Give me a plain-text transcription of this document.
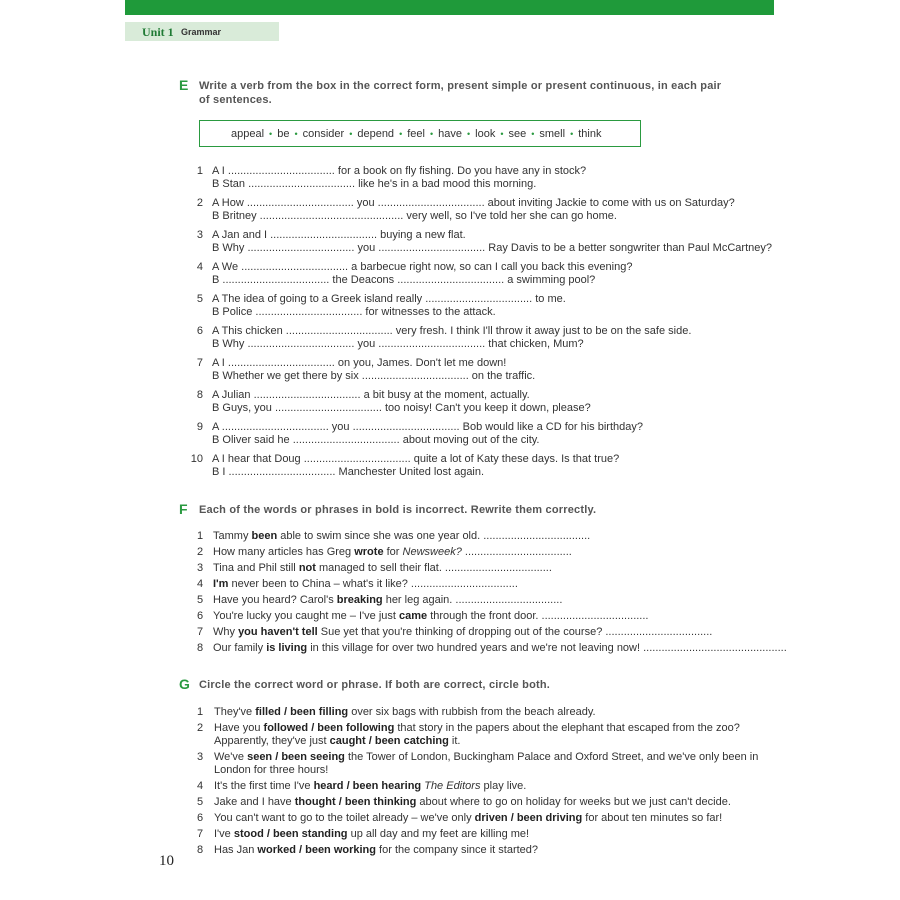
Unit 1 Grammar
E Write a verb from the box in the correct form, present simple or present continuous, in each pair
of sentences.
appeal • be • consider • depend • feel • have • look • see • smell • think
1 A I ................................... for a book on fly fishing. Do you have any in stock?
B Stan ................................... like he's in a bad mood this morning.
2 A How ................................... you ................................... about inviting Jackie to come with us on Saturday?
B Britney ............................................... very well, so I've told her she can go home.
3 A Jan and I ................................... buying a new flat.
B Why ................................... you ................................... Ray Davis to be a better songwriter than Paul McCartney?
4 A We ................................... a barbecue right now, so can I call you back this evening?
B ................................... the Deacons ................................... a swimming pool?
5 A The idea of going to a Greek island really ................................... to me.
B Police ................................... for witnesses to the attack.
6 A This chicken ................................... very fresh. I think I'll throw it away just to be on the safe side.
B Why ................................... you ................................... that chicken, Mum?
7 A I ................................... on you, James. Don't let me down!
B Whether we get there by six ................................... on the traffic.
8 A Julian ................................... a bit busy at the moment, actually.
B Guys, you ................................... too noisy! Can't you keep it down, please?
9 A ................................... you ................................... Bob would like a CD for his birthday?
B Oliver said he ................................... about moving out of the city.
10 A I hear that Doug ................................... quite a lot of Katy these days. Is that true?
B I ................................... Manchester United lost again.
F Each of the words or phrases in bold is incorrect. Rewrite them correctly.
1 Tammy been able to swim since she was one year old. ...................................
2 How many articles has Greg wrote for Newsweek? ...................................
3 Tina and Phil still not managed to sell their flat. ...................................
4 I'm never been to China – what's it like? ...................................
5 Have you heard? Carol's breaking her leg again. ...................................
6 You're lucky you caught me – I've just came through the front door. ...................................
7 Why you haven't tell Sue yet that you're thinking of dropping out of the course? ...................................
8 Our family is living in this village for over two hundred years and we're not leaving now! ...............................................
G Circle the correct word or phrase. If both are correct, circle both.
1 They've filled / been filling over six bags with rubbish from the beach already.
2 Have you followed / been following that story in the papers about the elephant that escaped from the zoo?
Apparently, they've just caught / been catching it.
3 We've seen / been seeing the Tower of London, Buckingham Palace and Oxford Street, and we've only been in
London for three hours!
4 It's the first time I've heard / been hearing The Editors play live.
5 Jake and I have thought / been thinking about where to go on holiday for weeks but we just can't decide.
6 You can't want to go to the toilet already – we've only driven / been driving for about ten minutes so far!
7 I've stood / been standing up all day and my feet are killing me!
8 Has Jan worked / been working for the company since it started?
10
